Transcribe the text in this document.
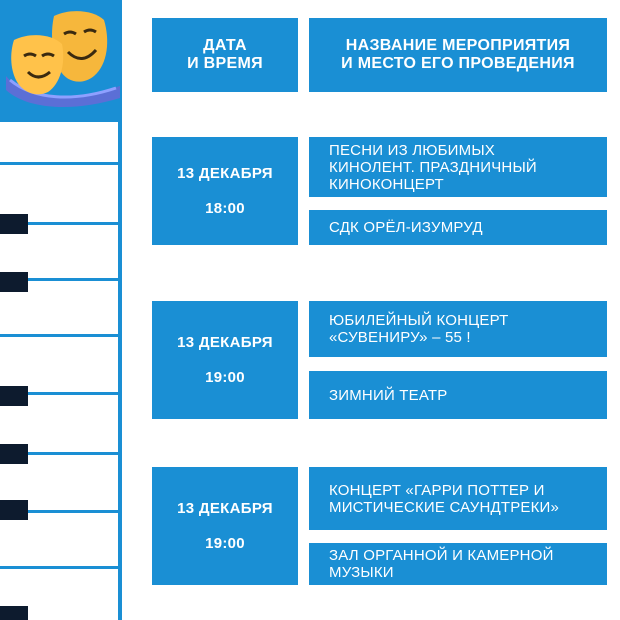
ДАТА
И ВРЕМЯ
НАЗВАНИЕ МЕРОПРИЯТИЯ
И МЕСТО ЕГО ПРОВЕДЕНИЯ
13 ДЕКАБРЯ
18:00
ПЕСНИ ИЗ ЛЮБИМЫХ
КИНОЛЕНТ. ПРАЗДНИЧНЫЙ
КИНОКОНЦЕРТ
СДК ОРЁЛ-ИЗУМРУД
13 ДЕКАБРЯ
19:00
ЮБИЛЕЙНЫЙ КОНЦЕРТ
«СУВЕНИРУ» – 55 !
ЗИМНИЙ ТЕАТР
13 ДЕКАБРЯ
19:00
КОНЦЕРТ «ГАРРИ ПОТТЕР И
МИСТИЧЕСКИЕ САУНДТРЕКИ»
ЗАЛ ОРГАННОЙ И КАМЕРНОЙ
МУЗЫКИ
